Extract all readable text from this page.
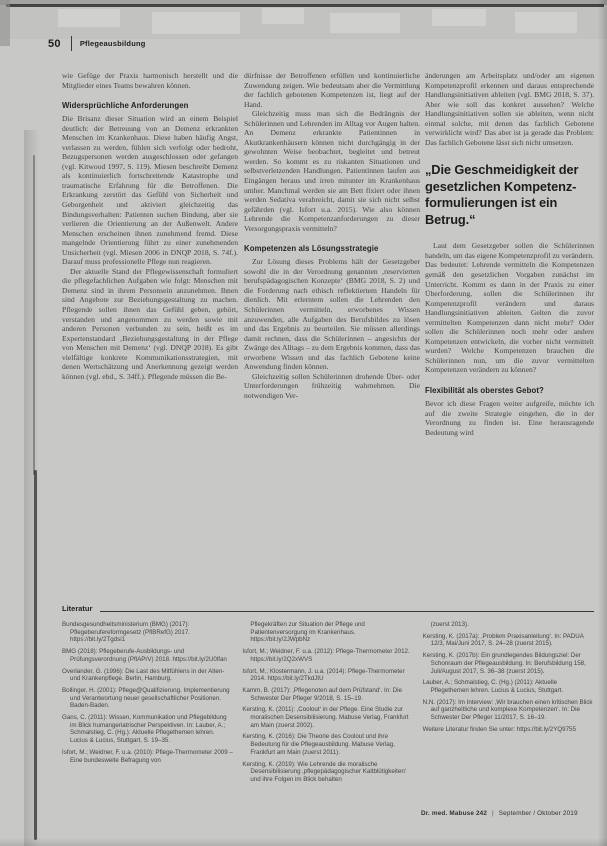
50	Pflegeausbildung

wie Gefüge der Praxis harmonisch herstellt und die Mitglieder eines Teams bewahren können.

Widersprüchliche Anforderungen

Die Brisanz dieser Situation wird an einem Beispiel deutlich: der Betreuung von an Demenz erkrankten Menschen im Krankenhaus. Diese haben häufig Angst, verlassen zu werden, fühlen sich verfolgt oder bedroht, Bezugspersonen werden ausgeschlossen oder gefangen (vgl. Kitwood 1997, S. 119). Miesen beschreibt Demenz als kontinuierlich fortschreitende Katastrophe und traumatische Erfahrung für die Betroffenen. Die Erkrankung zerstört das Gefühl von Sicherheit und Geborgenheit und aktiviert gleichzeitig das Bindungsverhalten: Patienten suchen Bindung, aber sie verlieren die Orientierung an der Außenwelt. Andere Menschen erscheinen ihnen zunehmend fremd. Diese mangelnde Orientierung führt zu einer zunehmenden Unsicherheit (vgl. Miesen 2006 in DNQP 2018, S. 74f.). Darauf muss professionelle Pflege nun reagieren.

Der aktuelle Stand der Pflegewissenschaft formuliert die pflegefachlichen Aufgaben wie folgt: Menschen mit Demenz sind in ihrem Personsein anzunehmen. Ihnen sind Angebote zur Beziehungsgestaltung zu machen. Pflegende sollen ihnen das Gefühl geben, gehört, verstanden und angenommen zu werden sowie mit anderen Personen verbunden zu sein, heißt es im Expertenstandard ‚Beziehungsgestaltung in der Pflege von Menschen mit Demenz‘ (vgl. DNQP 2018). Es gibt vielfältige konkrete Kommunikationsstrategien, mit denen Wertschätzung und Anerkennung gezeigt werden können (vgl. ebd., S. 34ff.). Pflegende müssen die Be-

dürfnisse der Betroffenen erfüllen und kontinuierliche Zuwendung zeigen. Wie bedeutsam aber die Vermittlung der fachlich gebotenen Kompetenzen ist, liegt auf der Hand.

Gleichzeitig muss man sich die Bedrängnis der Schülerinnen und Lehrenden im Alltag vor Augen halten. An Demenz erkrankte Patientinnen in Akutkrankenhäusern können nicht durchgängig in der gewohnten Weise beobachtet, begleitet und betreut werden. So kommt es zu riskanten Situationen und selbstverletzenden Handlungen. Patientinnen laufen aus Eingängen heraus und irren mitunter im Krankenhaus umher. Manchmal werden sie am Bett fixiert oder ihnen werden Sedativa verabreicht, damit sie sich nicht selbst gefährden (vgl. Isfort u.a. 2015). Wie also können Lehrende die Kompetenzanforderungen zu dieser Versorgungspraxis vermitteln?

Kompetenzen als Lösungsstrategie

Zur Lösung dieses Problems hält der Gesetzgeber sowohl die in der Verordnung genannten ‚reservierten berufspädagogischen Konzepte‘ (BMG 2018, S. 2) und die Forderung nach ethisch reflektiertem Handeln für dienlich. Mit erlerntem sollen die Lehrenden den Schülerinnen vermitteln, erworbenes Wissen anzuwenden, alle Aufgaben des Berufsbildes zu lösen und das Ergebnis zu beurteilen. Sie müssen allerdings damit rechnen, dass die Schülerinnen – angesichts der Zwänge des Alltags – zu dem Ergebnis kommen, dass das erworbene Wissen und das fachlich Gebotene keine Anwendung finden können.

Gleichzeitig sollen Schülerinnen drohende Über- oder Unterforderungen frühzeitig wahrnehmen. Die notwendigen Ver-

änderungen am Arbeitsplatz und/oder am eigenen Kompetenzprofil erkennen und daraus entsprechende Handlungsinitiativen ableiten (vgl. BMG 2018, S. 37). Aber wie soll das konkret aussehen? Welche Handlungsinitiativen sollen sie ableiten, wenn nicht einmal solche, mit denen das fachlich Gebotene verwirklicht wird? Das aber ist ja gerade das Problem: Das fachlich Gebotene lässt sich nicht umsetzen.

„Die Geschmeidigkeit der gesetzlichen Kompetenz-formulierungen ist ein Betrug.“

Laut dem Gesetzgeber sollen die Schülerinnen handeln, um das eigene Kompetenzprofil zu verändern. Das bedeutet: Lehrende vermitteln die Kompetenzen gemäß den gesetzlichen Vorgaben zunächst im Unterricht. Kommt es dann in der Praxis zu einer Überforderung, sollen die Schülerinnen ihr Kompetenzprofil verändern und daraus Handlungsinitiativen ableiten. Gelten die zuvor vermittelten Kompetenzen dann nicht mehr? Oder sollen die Schülerinnen noch mehr oder andere Kompetenzen entwickeln, die vorher nicht vermittelt wurden? Welche Kompetenzen brauchen die Schülerinnen nun, um die zuvor vermittelten Kompetenzen verändern zu können?

Flexibilität als oberstes Gebot?

Bevor ich diese Fragen weiter aufgreife, möchte ich auf die zweite Strategie eingehen, die in der Verordnung zu finden ist. Eine herausragende Bedeutung wird

Literatur

Bundesgesundheitsministerium (BMG) (2017): Pflegeberufereformgesetz (PflBRefG) 2017. https://bit.ly/2Tgdsi1

BMG (2018): Pflegeberufe-Ausbildungs- und Prüfungsverordnung (PflAPrV) 2018. https://bit.ly/2U0lfan

Overlander, G. (1996): Die Last des Mitfühlens in der Alten- und Krankenpflege. Berlin, Hamburg.

Bollinger, H. (2001): Pflege@Qualifizierung. Implementierung und Verantwortung neuer gesellschaftlicher Positionen. Baden-Baden.

Gans, C. (2011): Wissen, Kommunikation und Pflegebildung im Blick humangeriatrischer Perspektiven. In: Lauber, A.; Schmalstieg, C. (Hg.): Aktuelle Pflegethemen lehren. Lucius & Lucius, Stuttgart, S. 19–35.

Isfort, M.; Weidner, F. u.a. (2010): Pflege-Thermometer 2009 – Eine bundesweite Befragung von

Pflegekräften zur Situation der Pflege und Patientenversorgung im Krankenhaus. https://bit.ly/2JWpbNz

Isfort, M.; Weidner, F. u.a. (2012): Pflege-Thermometer 2012. https://bit.ly/2Q2xWVS

Isfort, M.; Klostermann, J. u.a. (2014): Pflege-Thermometer 2014. https://bit.ly/2TkdJtU

Kamm, B. (2017): ‚Pflegenoten auf dem Prüfstand‘. In: Die Schwester Der Pfleger 9/2018, S. 15–19.

Kersting, K. (2011): ‚Coolout‘ in der Pflege. Eine Studie zur moralischen Desensibilisierung. Mabuse Verlag, Frankfurt am Main (zuerst 2002).

Kersting, K. (2016): Die Theorie des Coolout und ihre Bedeutung für die Pflegeausbildung. Mabuse Verlag, Frankfurt am Main (zuerst 2011).

Kersting, K. (2019): Wie Lehrende die moralische Desensibilisierung ‚pflegepädagogischer Kaltblütigkeiten‘ und ihre Folgen im Blick behalten

(zuerst 2013).

Kersting, K. (2017a): ‚Problem Praxisanleitung‘. In: PADUA 12/3, Mai/Juni 2017, S. 24–28 (zuerst 2015).

Kersting, K. (2017b): Ein grundlegendes Bildungsziel: Der Schonraum der Pflegeausbildung. In: Berufsbildung 158, Juli/August 2017, S. 36–38 (zuerst 2015).

Lauber, A.; Schmalstieg, C. (Hg.) (2011): Aktuelle Pflegethemen lehren. Lucius & Lucius, Stuttgart.

N.N. (2017): Im Interview: ‚Wir brauchen einen kritischen Blick auf ganzheitliche und komplexe Kompetenzen‘. In: Die Schwester Der Pfleger 11/2017, S. 16–19.

Weitere Literatur finden Sie unter: https://bit.ly/2YQ9755

Dr. med. Mabuse 242 | September / Oktober 2019
